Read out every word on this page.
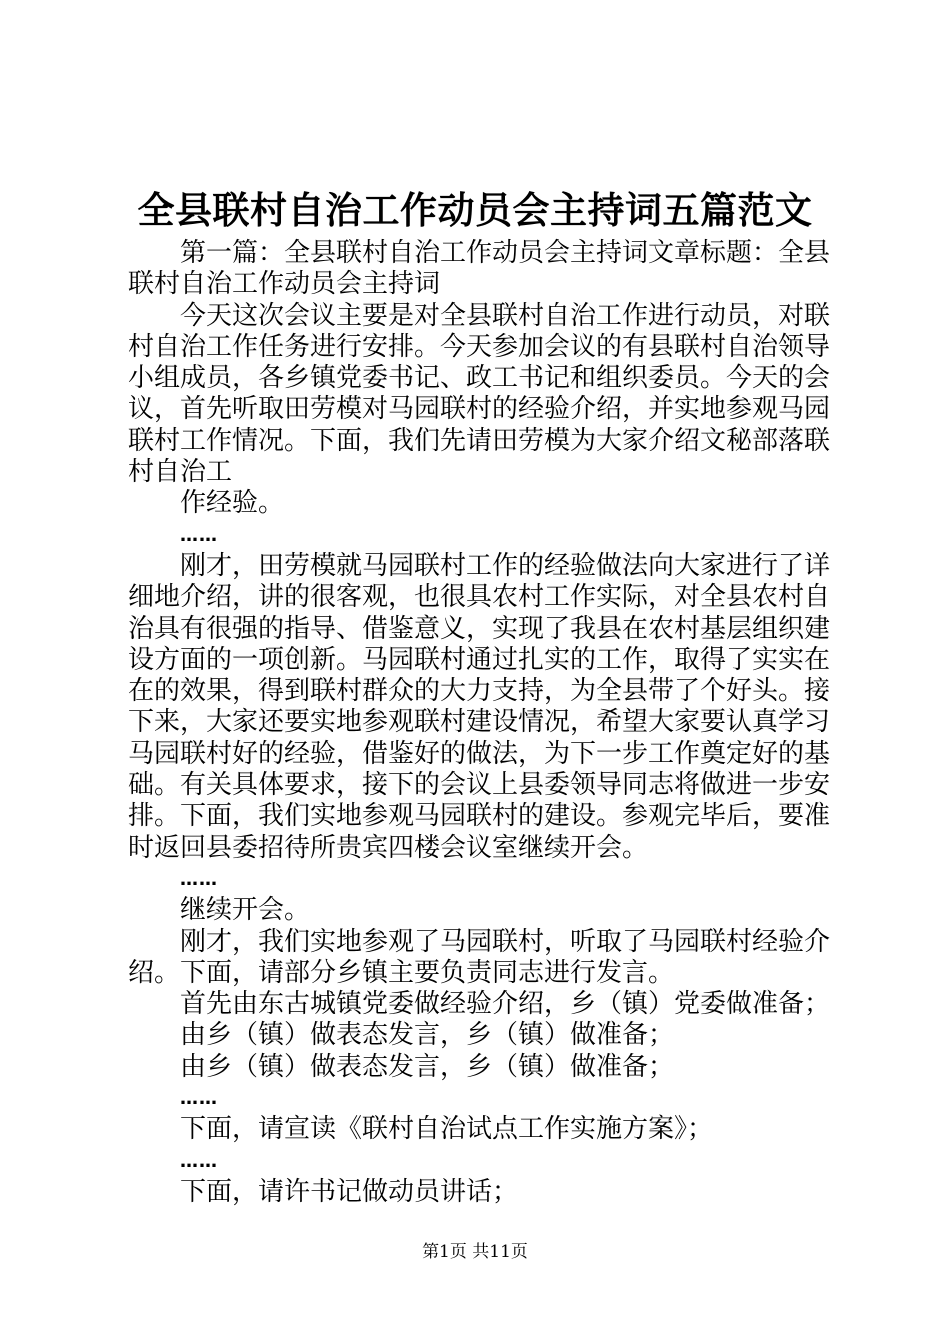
全县联村自治工作动员会主持词五篇范文

第一篇：全县联村自治工作动员会主持词文章标题：全县联村自治工作动员会主持词

今天这次会议主要是对全县联村自治工作进行动员，对联村自治工作任务进行安排。今天参加会议的有县联村自治领导小组成员，各乡镇党委书记、政工书记和组织委员。今天的会议，首先听取田劳模对马园联村的经验介绍，并实地参观马园联村工作情况。下面，我们先请田劳模为大家介绍文秘部落联村自治工

作经验。

……

刚才，田劳模就马园联村工作的经验做法向大家进行了详细地介绍，讲的很客观，也很具农村工作实际，对全县农村自治具有很强的指导、借鉴意义，实现了我县在农村基层组织建设方面的一项创新。马园联村通过扎实的工作，取得了实实在在的效果，得到联村群众的大力支持，为全县带了个好头。接下来，大家还要实地参观联村建设情况，希望大家要认真学习马园联村好的经验，借鉴好的做法，为下一步工作奠定好的基础。有关具体要求，接下的会议上县委领导同志将做进一步安排。下面，我们实地参观马园联村的建设。参观完毕后，要准时返回县委招待所贵宾四楼会议室继续开会。

……

继续开会。

刚才，我们实地参观了马园联村，听取了马园联村经验介绍。下面，请部分乡镇主要负责同志进行发言。

首先由东古城镇党委做经验介绍，乡（镇）党委做准备；

由乡（镇）做表态发言，乡（镇）做准备；

由乡（镇）做表态发言，乡（镇）做准备；

……

下面，请宣读《联村自治试点工作实施方案》；

……

下面，请许书记做动员讲话；

第1页 共11页
